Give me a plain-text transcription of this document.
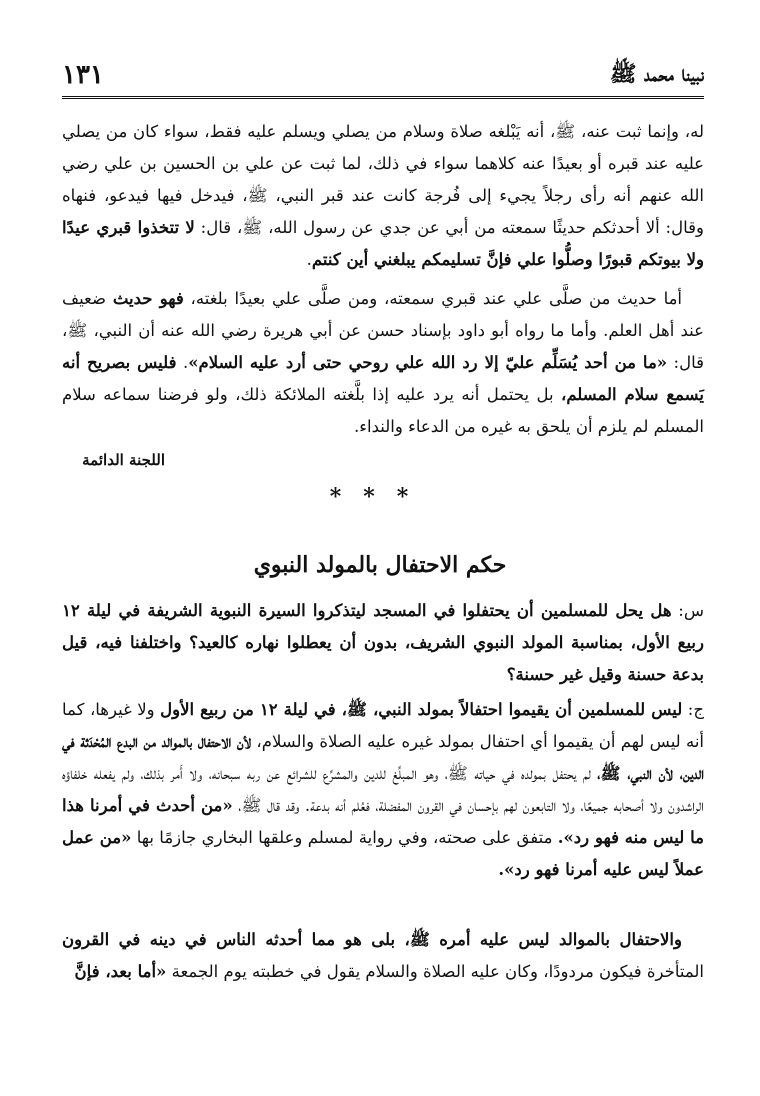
١٣١	نبينا محمد ﷺ
له، وإنما ثبت عنه، ﷺ، أنه يَبْلغه صلاة وسلام من يصلي ويسلم عليه فقط، سواء كان من يصلي عليه عند قبره أو بعيدًا عنه كلاهما سواء في ذلك، لما ثبت عن علي بن الحسين بن علي رضي الله عنهم أنه رأى رجلاً يجيء إلى فُرجة كانت عند قبر النبي، ﷺ، فيدخل فيها فيدعو، فنهاه وقال: ألا أحدثكم حديثًا سمعته من أبي عن جدي عن رسول الله، ﷺ، قال: لا تتخذوا قبري عيدًا ولا بيوتكم قبورًا وصلُّوا علي فإنَّ تسليمكم يبلغني أين كنتم.
أما حديث من صلَّى علي عند قبري سمعته، ومن صلَّى علي بعيدًا بلغته، فهو حديث ضعيف عند أهل العلم. وأما ما رواه أبو داود بإسناد حسن عن أبي هريرة رضي الله عنه أن النبي، ﷺ، قال: «ما من أحد يُسَلِّم عليّ إلا رد الله علي روحي حتى أرد عليه السلام». فليس بصريح أنه يَسمع سلام المسلم، بل يحتمل أنه يرد عليه إذا بلَّغته الملائكة ذلك، ولو فرضنا سماعه سلام المسلم لم يلزم أن يلحق به غيره من الدعاء والنداء.
اللجنة الدائمة
***
حكم الاحتفال بالمولد النبوي
س: هل يحل للمسلمين أن يحتفلوا في المسجد ليتذكروا السيرة النبوية الشريفة في ليلة ١٢ ربيع الأول، بمناسبة المولد النبوي الشريف، بدون أن يعطلوا نهاره كالعيد؟ واختلفنا فيه، قيل بدعة حسنة وقيل غير حسنة؟
ج: ليس للمسلمين أن يقيموا احتفالاً بمولد النبي، ﷺ، في ليلة ١٢ من ربيع الأول ولا غيرها، كما أنه ليس لهم أن يقيموا أي احتفال بمولد غيره عليه الصلاة والسلام، لأن الاحتفال بالموالد من البدع المُحْدَثة في الدين، لأن النبي، ﷺ، لم يحتفل بمولده في حياته ﷺ، وهو المبلِّغ للدين والمشرِّع للشرائع عن ربه سبحانه، ولا أَمر بذلك، ولم يفعله خلفاؤه الراشدون ولا أصحابه جميعًا، ولا التابعون لهم بإحسان في القرون المفضلة، فعُلم أنه بدعة. وقد قال ﷺ، «من أحدث في أمرنا هذا ما ليس منه فهو رد». متفق على صحته، وفي رواية لمسلم وعلقها البخاري جازمًا بها «من عمل عملاً ليس عليه أمرنا فهو رد».
والاحتفال بالموالد ليس عليه أمره ﷺ، بلى هو مما أحدثه الناس في دينه في القرون المتأخرة فيكون مردودًا، وكان عليه الصلاة والسلام يقول في خطبته يوم الجمعة «أما بعد، فإنَّ
